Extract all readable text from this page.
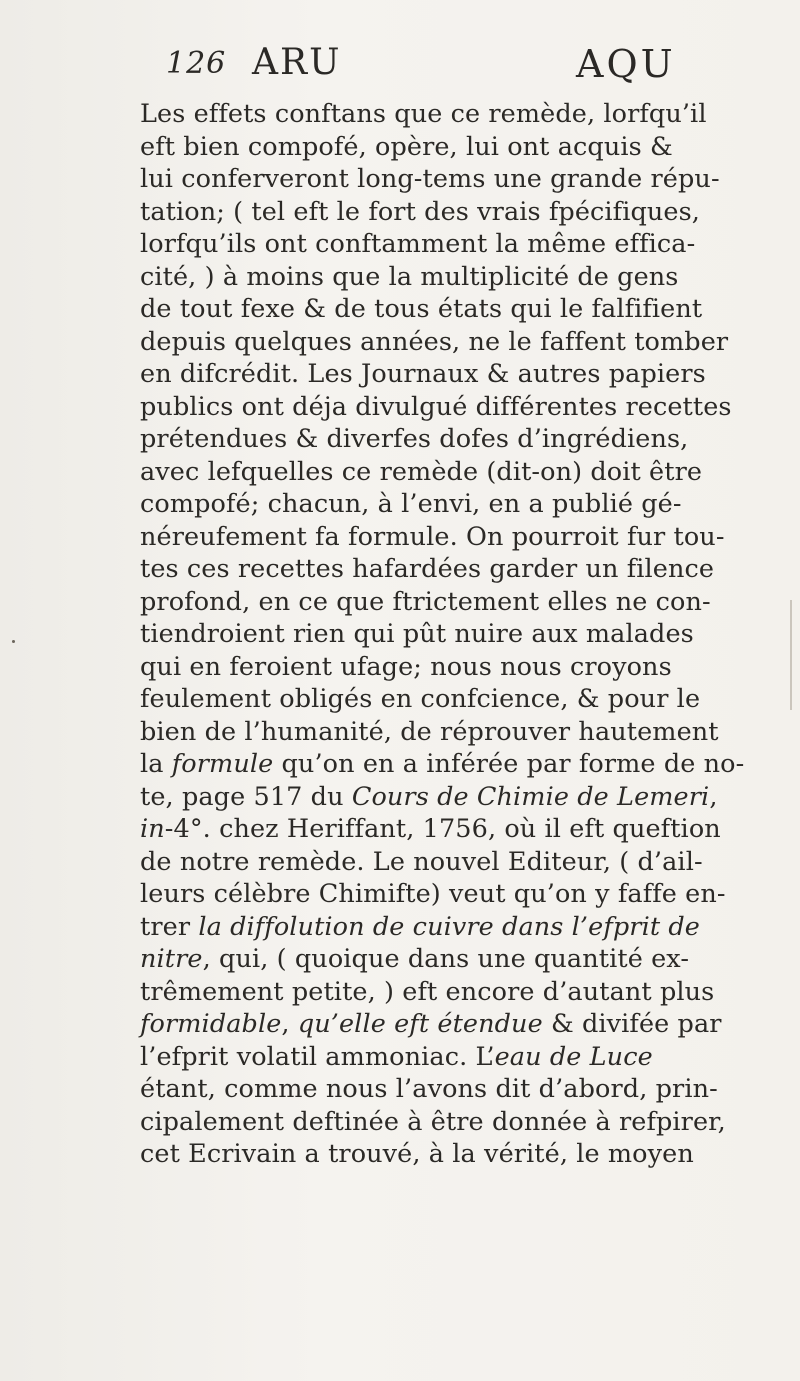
126 ARU	AQU
Les effets conftans que ce remède, lorfqu’il
eft bien compofé, opère, lui ont acquis &
lui conferveront long-tems une grande répu-
tation; ( tel eft le fort des vrais fpécifiques,
lorfqu’ils ont conftamment la même effica-
cité, ) à moins que la multiplicité de gens
de tout fexe & de tous états qui le falfifient
depuis quelques années, ne le faffent tomber
en difcrédit. Les Journaux & autres papiers
publics ont déja divulgué différentes recettes
prétendues & diverfes dofes d’ingrédiens,
avec lefquelles ce remède (dit-on) doit être
compofé; chacun, à l’envi, en a publié gé-
néreufement fa formule. On pourroit fur tou-
tes ces recettes hafardées garder un filence
profond, en ce que ftrictement elles ne con-
tiendroient rien qui pût nuire aux malades
qui en feroient ufage; nous nous croyons
feulement obligés en confcience, & pour le
bien de l’humanité, de réprouver hautement
la formule qu’on en a inférée par forme de no-
te, page 517 du Cours de Chimie de Lemeri,
in-4°. chez Heriffant, 1756, où il eft queftion
de notre remède. Le nouvel Editeur, ( d’ail-
leurs célèbre Chimifte) veut qu’on y faffe en-
trer la diffolution de cuivre dans l’efprit de
nitre, qui, ( quoique dans une quantité ex-
trêmement petite, ) eft encore d’autant plus
formidable, qu’elle eft étendue & divifée par
l’efprit volatil ammoniac. L’eau de Luce
étant, comme nous l’avons dit d’abord, prin-
cipalement deftinée à être donnée à refpirer,
cet Ecrivain a trouvé, à la vérité, le moyen
